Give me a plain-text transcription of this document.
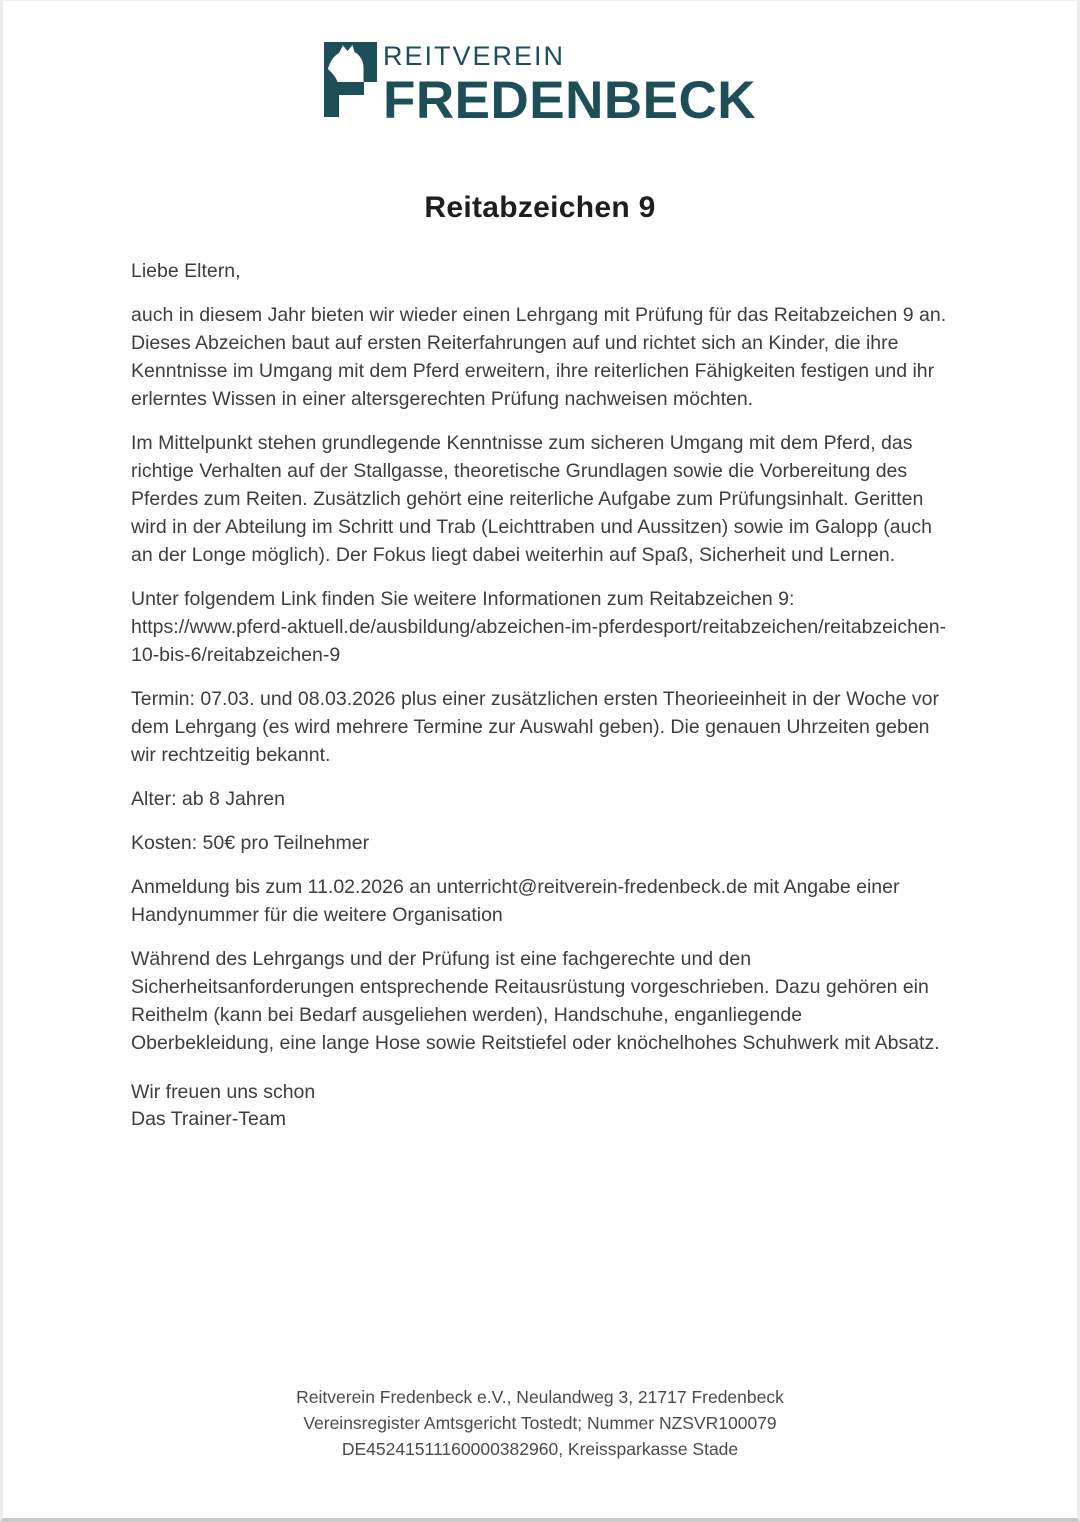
REITVEREIN
FREDENBECK
Reitabzeichen 9

Liebe Eltern,

auch in diesem Jahr bieten wir wieder einen Lehrgang mit Prüfung für das Reitabzeichen 9 an. Dieses Abzeichen baut auf ersten Reiterfahrungen auf und richtet sich an Kinder, die ihre Kenntnisse im Umgang mit dem Pferd erweitern, ihre reiterlichen Fähigkeiten festigen und ihr erlerntes Wissen in einer altersgerechten Prüfung nachweisen möchten.

Im Mittelpunkt stehen grundlegende Kenntnisse zum sicheren Umgang mit dem Pferd, das richtige Verhalten auf der Stallgasse, theoretische Grundlagen sowie die Vorbereitung des Pferdes zum Reiten. Zusätzlich gehört eine reiterliche Aufgabe zum Prüfungsinhalt. Geritten wird in der Abteilung im Schritt und Trab (Leichttraben und Aussitzen) sowie im Galopp (auch an der Longe möglich). Der Fokus liegt dabei weiterhin auf Spaß, Sicherheit und Lernen.

Unter folgendem Link finden Sie weitere Informationen zum Reitabzeichen 9:
https://www.pferd-aktuell.de/ausbildung/abzeichen-im-pferdesport/reitabzeichen/reitabzeichen-10-bis-6/reitabzeichen-9

Termin: 07.03. und 08.03.2026 plus einer zusätzlichen ersten Theorieeinheit in der Woche vor dem Lehrgang (es wird mehrere Termine zur Auswahl geben). Die genauen Uhrzeiten geben wir rechtzeitig bekannt.

Alter: ab 8 Jahren

Kosten: 50€ pro Teilnehmer

Anmeldung bis zum 11.02.2026 an unterricht@reitverein-fredenbeck.de mit Angabe einer Handynummer für die weitere Organisation

Während des Lehrgangs und der Prüfung ist eine fachgerechte und den Sicherheitsanforderungen entsprechende Reitausrüstung vorgeschrieben. Dazu gehören ein Reithelm (kann bei Bedarf ausgeliehen werden), Handschuhe, enganliegende Oberbekleidung, eine lange Hose sowie Reitstiefel oder knöchelhohes Schuhwerk mit Absatz.

Wir freuen uns schon

Das Trainer-Team

Reitverein Fredenbeck e.V., Neulandweg 3, 21717 Fredenbeck
Vereinsregister Amtsgericht Tostedt; Nummer NZSVR100079
DE45241511160000382960, Kreissparkasse Stade
